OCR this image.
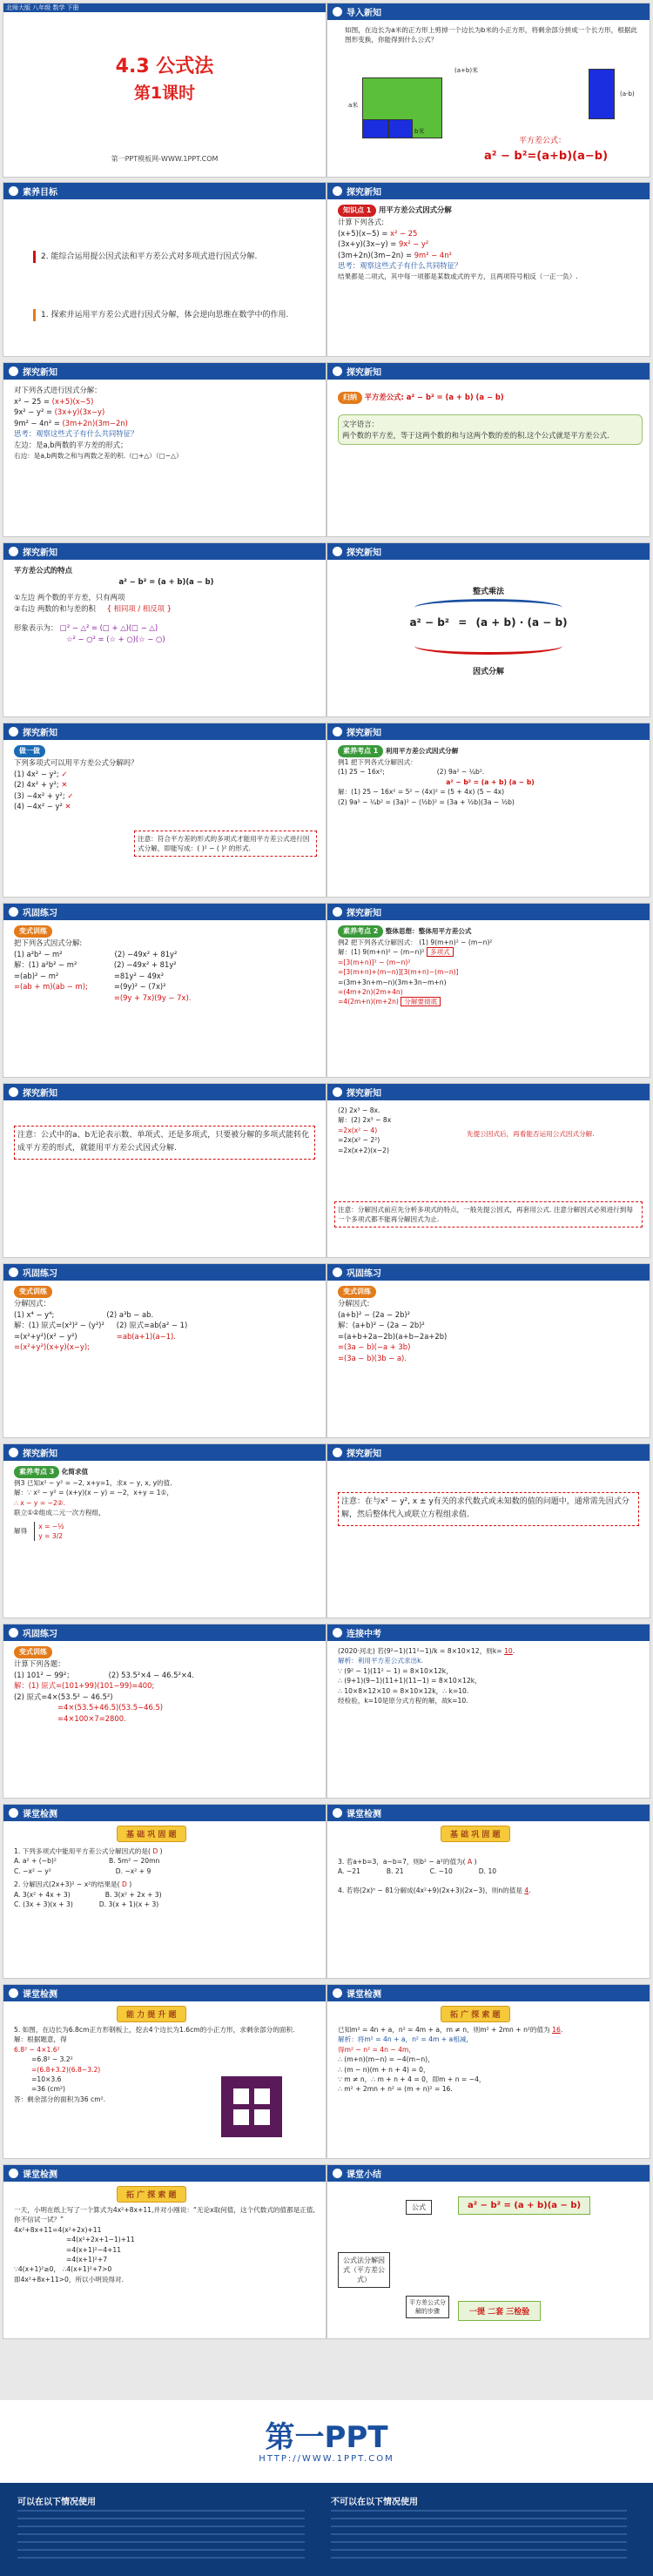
北师大版 八年级 数学 下册
4.3 公式法
第1课时
第一PPT模板网-WWW.1PPT.COM
导入新知
如图，在边长为a米的正方形上剪掉一个边长为b米的小正方形，将剩余部分拼成一个长方形，根据此图形变换，你能得到什么公式？
a米
b米
(a+b)米
(a-b)
平方差公式：
a² − b²=(a+b)(a−b)
素养目标
2. 能综合运用提公因式法和平方差公式对多项式进行因式分解.
1. 探索并运用平方差公式进行因式分解，体会逆向思维在数学中的作用.
探究新知
知识点 1 用平方差公式因式分解
计算下列各式:
(x+5)(x−5) = x² − 25
(3x+y)(3x−y) = 9x² − y²
(3m+2n)(3m−2n) = 9m² − 4n²
思考：观察这些式子有什么共同特征？
结果都是二项式，其中每一项都是某数或式的平方，且两项符号相反（一正一负）.
探究新知
对下列各式进行因式分解：
x² − 25 = (x+5)(x−5)
9x² − y² = (3x+y)(3x−y)
9m² − 4n² = (3m+2n)(3m−2n)
思考：观察这些式子有什么共同特征？
左边：是a,b两数的平方差的形式；
右边：是a,b两数之和与两数之差的积.（□+△）（□−△）
探究新知
归纳 平方差公式: a² − b² = (a + b) (a − b)
文字语言：
两个数的平方差，等于这两个数的和与这两个数的差的积.这个公式就是平方差公式.
探究新知
平方差公式的特点
a² − b² = (a + b)(a − b)
①左边 两个数的平方差，只有两项
②右边 两数的和与差的积 { 相同项 / 相反项 }
形象表示为： □² − △² = (□ + △)(□ − △)
☆² − ○² = (☆ + ○)(☆ − ○)
探究新知
整式乘法
a² − b² = (a + b) · (a − b)
因式分解
探究新知
做一做
下列多项式可以用平方差公式分解吗？
(1) 4x² − y²; ✓
(2) 4x² + y²; ✕
(3) −4x² + y²; ✓
(4) −4x² − y² ✕
注意：符合平方差的形式的多项式才能用平方差公式进行因式分解，即能写成：( )² − ( )² 的形式.
探究新知
素养考点 1 利用平方差公式因式分解
例1 把下列各式分解因式：
(1) 25 − 16x²;	(2) 9a² − ¼b².
a² − b² = (a + b) (a − b)
解：(1) 25 − 16x² = 5² − (4x)² = (5 + 4x) (5 − 4x)
(2) 9a² − ¼b² = (3a)² − (½b)² = (3a + ½b)(3a − ½b)
巩固练习
变式训练
把下列各式因式分解:
(1) a²b² − m²	(2) −49x² + 81y²
解：(1) a²b² − m²
=(ab)² − m²
=(ab + m)(ab − m);
(2) −49x² + 81y²
=81y² − 49x²
=(9y)² − (7x)²
=(9y + 7x)(9y − 7x).
探究新知
素养考点 2 整体思想：整体用平方差公式
例2 把下列各式分解因式： (1) 9(m+n)² − (m−n)²
解：(1) 9(m+n)² − (m−n)² 多项式
=[3(m+n)]² − (m−n)²
=[3(m+n)+(m−n)][3(m+n)−(m−n)]
=(3m+3n+m−n)(3m+3n−m+n)
=(4m+2n)(2m+4n)
=4(2m+n)(m+2n) 分解要彻底
探究新知
注意：公式中的a、b无论表示数、单项式、还是多项式，只要被分解的多项式能转化成平方差的形式，就能用平方差公式因式分解.
探究新知
(2) 2x³ − 8x.
解：(2) 2x³ − 8x
=2x(x² − 4)
=2x(x² − 2²)
=2x(x+2)(x−2)
先提公因式后，再看能否运用公式因式分解.
注意：分解因式前应先分析多项式的特点，一般先提公因式，再套用公式. 注意分解因式必须进行到每一个多项式都不能再分解因式为止.
巩固练习
变式训练
分解因式：
(1) x⁴ − y⁴;	(2) a³b − ab.
解：(1) 原式=(x²)² − (y²)²
=(x²+y²)(x² − y²)
=(x²+y²)(x+y)(x−y);
(2) 原式=ab(a² − 1)
=ab(a+1)(a−1).
巩固练习
变式训练
分解因式:
(a+b)² − (2a − 2b)²
解：(a+b)² − (2a − 2b)²
=(a+b+2a−2b)(a+b−2a+2b)
=(3a − b)(−a + 3b)
=(3a − b)(3b − a).
探究新知
素养考点 3 化简求值
例3 已知x² − y² = −2, x+y=1，求x − y, x, y的值.
解：∵ x² − y² = (x+y)(x − y) = −2，x+y = 1①，
∴ x − y = −2②.
联立①②组成二元一次方程组，
解得
x = −½
y = 3/2
探究新知
注意：在与x² − y², x ± y有关的求代数式或未知数的值的问题中，通常需先因式分解，然后整体代入或联立方程组求值.
巩固练习
变式训练
计算下列各题：
(1) 101² − 99²；	(2) 53.5²×4 − 46.5²×4.
解：(1) 原式=(101+99)(101−99)=400;
(2) 原式=4×(53.5² − 46.5²)
=4×(53.5+46.5)(53.5−46.5)
=4×100×7=2800.
连接中考
(2020·河北) 若(9²−1)(11²−1)/k = 8×10×12，则k= 10.
解析：利用平方差公式求出k.
∵ (9² − 1)(11² − 1) = 8×10×12k，
∴ (9+1)(9−1)(11+1)(11−1) = 8×10×12k，
∴ 10×8×12×10 = 8×10×12k，∴ k=10.
经检验，k=10是原分式方程的解，故k=10.
课堂检测
基 础 巩 固 题
1. 下列多项式中能用平方差公式分解因式的是( D )
A. a² + (−b)²	B. 5m² − 20mn
C. −x² − y²	D. −x² + 9
2. 分解因式(2x+3)² − x²的结果是( D )
A. 3(x² + 4x + 3)	B. 3(x² + 2x + 3)
C. (3x + 3)(x + 3)	D. 3(x + 1)(x + 3)
课堂检测
基 础 巩 固 题
3. 若a+b=3，a−b=7，则b² − a²的值为( A )
A. −21	B. 21	C. −10	D. 10
4. 若将(2x)ⁿ − 81分解成(4x²+9)(2x+3)(2x−3)，则n的值是 4.
课堂检测
能 力 提 升 题
5. 如图，在边长为6.8cm正方形钢板上，挖去4个边长为1.6cm的小正方形，求剩余部分的面积.
解：根据题意，得
6.8² − 4×1.6²
=6.8² − 3.2²
=(6.8+3.2)(6.8−3.2)
=10×3.6
=36 (cm²)
答：剩余部分的面积为36 cm².
课堂检测
拓 广 探 索 题
已知m² = 4n + a，n² = 4m + a，m ≠ n，则m² + 2mn + n²的值为 16.
解析：将m² = 4n + a，n² = 4m + a相减，
得m² − n² = 4n − 4m，
∴ (m+n)(m−n) = −4(m−n)，
∴ (m − n)(m + n + 4) = 0，
∵ m ≠ n，∴ m + n + 4 = 0，即m + n = −4，
∴ m² + 2mn + n² = (m + n)² = 16.
课堂检测
拓 广 探 索 题
一天，小明在纸上写了一个算式为4x²+8x+11,并对小刚说：“无论x取何值，这个代数式的值都是正值,你不信试一试？”
4x²+8x+11=4(x²+2x)+11
=4(x²+2x+1−1)+11
=4(x+1)²−4+11
=4(x+1)²+7
∵4(x+1)²≥0， ∴4(x+1)²+7>0
即4x²+8x+11>0，所以小明说得对.
课堂小结
公式法分解因式（平方差公式）
公式	a² − b² = (a + b)(a − b)
平方差公式分解的步骤	一提 二套 三检验
第一PPT
HTTP://WWW.1PPT.COM
可以在以下情况使用	不可以在以下情况使用
